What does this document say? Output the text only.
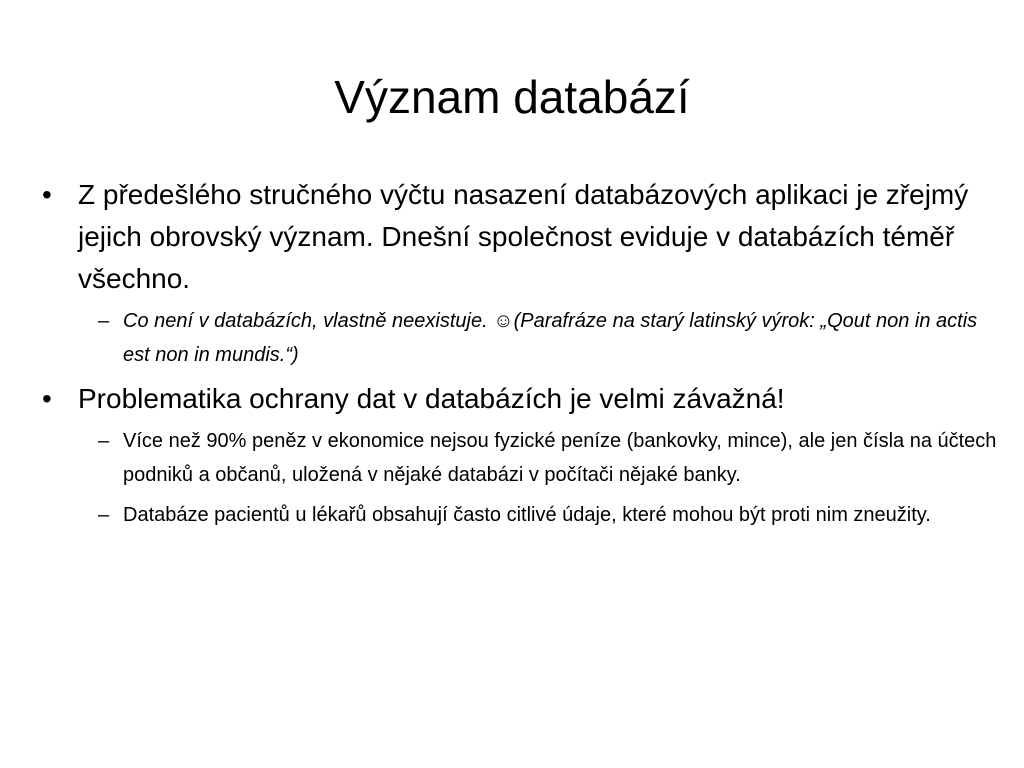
Význam databází
• Z předešlého stručného výčtu nasazení databázových aplikaci je zřejmý jejich obrovský význam. Dnešní společnost eviduje v databázích téměř všechno.
– Co není v databázích, vlastně neexistuje. ☺(Parafráze na starý latinský výrok: „Qout non in actis est non in mundis.“)
• Problematika ochrany dat v databázích je velmi závažná!
– Více než 90% peněz v ekonomice nejsou fyzické peníze (bankovky, mince), ale jen čísla na účtech podniků a občanů, uložená v nějaké databázi v počítači nějaké banky.
– Databáze pacientů u lékařů obsahují často citlivé údaje, které mohou být proti nim zneužity.
